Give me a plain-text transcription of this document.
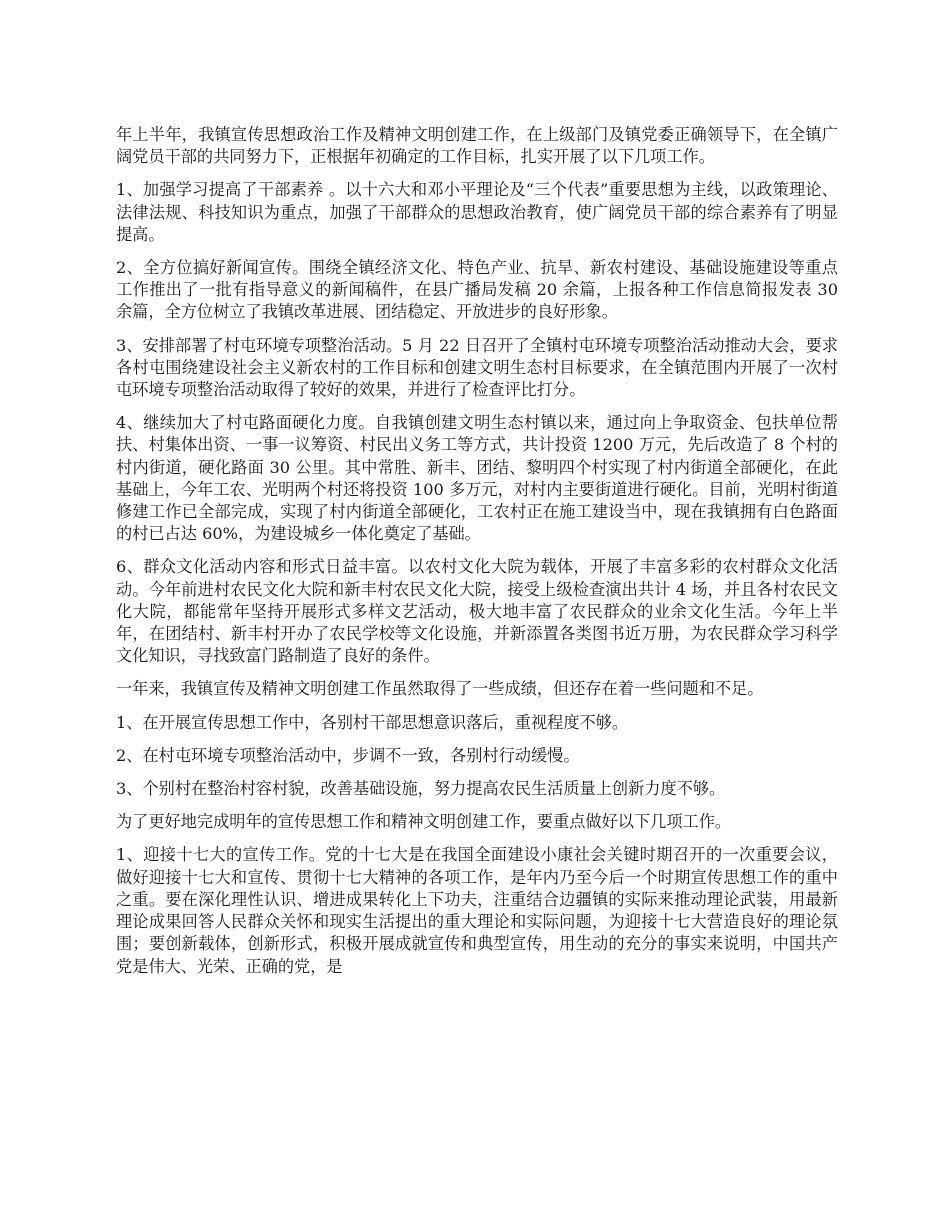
年上半年，我镇宣传思想政治工作及精神文明创建工作，在上级部门及镇党委正确领导下，在全镇广阔党员干部的共同努力下，正根据年初确定的工作目标，扎实开展了以下几项工作。

1、加强学习提高了干部素养 。以十六大和邓小平理论及“三个代表”重要思想为主线，以政策理论、法律法规、科技知识为重点，加强了干部群众的思想政治教育，使广阔党员干部的综合素养有了明显提高。

2、全方位搞好新闻宣传。围绕全镇经济文化、特色产业、抗旱、新农村建设、基础设施建设等重点工作推出了一批有指导意义的新闻稿件，在县广播局发稿 20 余篇，上报各种工作信息简报发表 30 余篇，全方位树立了我镇改革进展、团结稳定、开放进步的良好形象。

3、安排部署了村屯环境专项整治活动。5 月 22 日召开了全镇村屯环境专项整治活动推动大会，要求各村屯围绕建设社会主义新农村的工作目标和创建文明生态村目标要求，在全镇范围内开展了一次村屯环境专项整治活动取得了较好的效果，并进行了检查评比打分。

4、继续加大了村屯路面硬化力度。自我镇创建文明生态村镇以来，通过向上争取资金、包扶单位帮扶、村集体出资、一事一议筹资、村民出义务工等方式，共计投资 1200 万元，先后改造了 8 个村的村内街道，硬化路面 30 公里。其中常胜、新丰、团结、黎明四个村实现了村内街道全部硬化，在此基础上，今年工农、光明两个村还将投资 100 多万元，对村内主要街道进行硬化。目前，光明村街道修建工作已全部完成，实现了村内街道全部硬化，工农村正在施工建设当中，现在我镇拥有白色路面的村已占达 60%，为建设城乡一体化奠定了基础。

6、群众文化活动内容和形式日益丰富。以农村文化大院为载体，开展了丰富多彩的农村群众文化活动。今年前进村农民文化大院和新丰村农民文化大院，接受上级检查演出共计 4 场，并且各村农民文化大院，都能常年坚持开展形式多样文艺活动，极大地丰富了农民群众的业余文化生活。今年上半年，在团结村、新丰村开办了农民学校等文化设施，并新添置各类图书近万册，为农民群众学习科学文化知识，寻找致富门路制造了良好的条件。

一年来，我镇宣传及精神文明创建工作虽然取得了一些成绩，但还存在着一些问题和不足。

1、在开展宣传思想工作中，各别村干部思想意识落后，重视程度不够。

2、在村屯环境专项整治活动中，步调不一致，各别村行动缓慢。

3、个别村在整治村容村貌，改善基础设施，努力提高农民生活质量上创新力度不够。

为了更好地完成明年的宣传思想工作和精神文明创建工作，要重点做好以下几项工作。

1、迎接十七大的宣传工作。党的十七大是在我国全面建设小康社会关键时期召开的一次重要会议，做好迎接十七大和宣传、贯彻十七大精神的各项工作，是年内乃至今后一个时期宣传思想工作的重中之重。要在深化理性认识、增进成果转化上下功夫，注重结合边疆镇的实际来推动理论武装，用最新理论成果回答人民群众关怀和现实生活提出的重大理论和实际问题，为迎接十七大营造良好的理论氛围；要创新载体，创新形式，积极开展成就宣传和典型宣传，用生动的充分的事实来说明，中国共产党是伟大、光荣、正确的党，是
